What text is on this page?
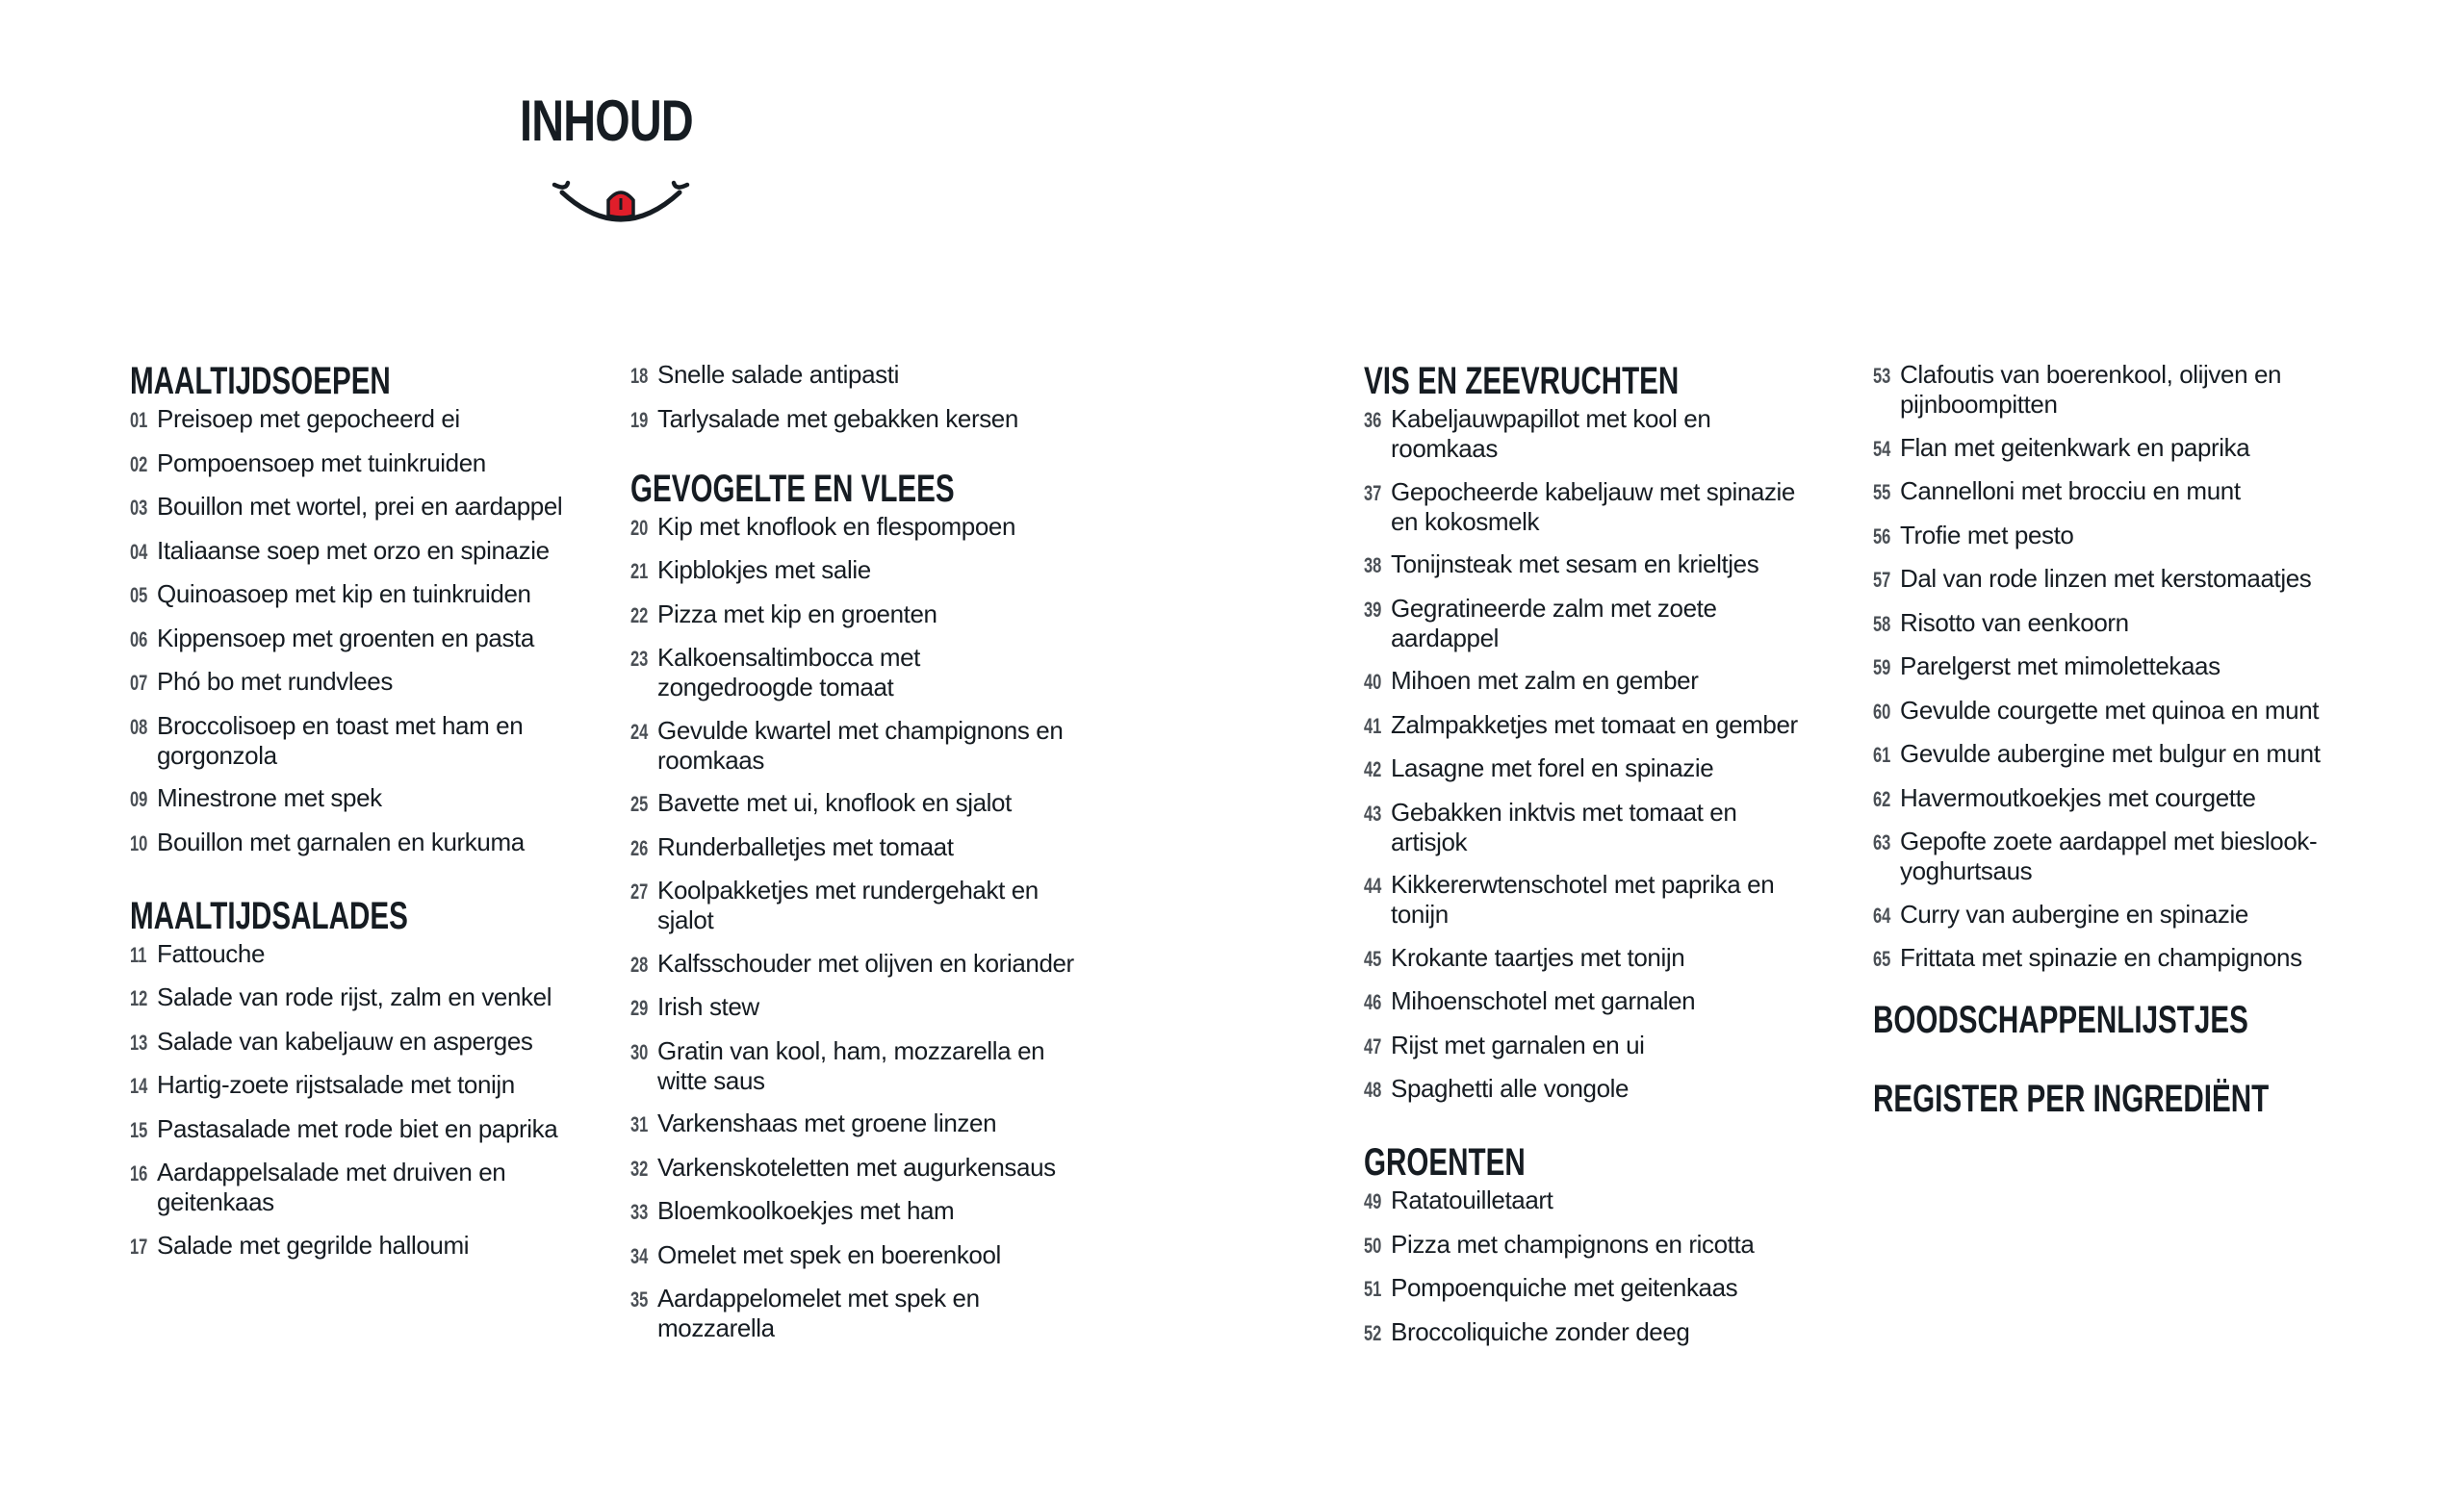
INHOUD
MAALTIJDSOEPEN
01 Preisoep met gepocheerd ei
02 Pompoensoep met tuinkruiden
03 Bouillon met wortel, prei en aardappel
04 Italiaanse soep met orzo en spinazie
05 Quinoasoep met kip en tuinkruiden
06 Kippensoep met groenten en pasta
07 Phó bo met rundvlees
08 Broccolisoep en toast met ham en gorgonzola
09 Minestrone met spek
10 Bouillon met garnalen en kurkuma
MAALTIJDSALADES
11 Fattouche
12 Salade van rode rijst, zalm en venkel
13 Salade van kabeljauw en asperges
14 Hartig-zoete rijstsalade met tonijn
15 Pastasalade met rode biet en paprika
16 Aardappelsalade met druiven en geitenkaas
17 Salade met gegrilde halloumi
18 Snelle salade antipasti
19 Tarlysalade met gebakken kersen
GEVOGELTE EN VLEES
20 Kip met knoflook en flespompoen
21 Kipblokjes met salie
22 Pizza met kip en groenten
23 Kalkoensaltimbocca met zongedroogde tomaat
24 Gevulde kwartel met champignons en roomkaas
25 Bavette met ui, knoflook en sjalot
26 Runderballetjes met tomaat
27 Koolpakketjes met rundergehakt en sjalot
28 Kalfsschouder met olijven en koriander
29 Irish stew
30 Gratin van kool, ham, mozzarella en witte saus
31 Varkenshaas met groene linzen
32 Varkenskoteletten met augurkensaus
33 Bloemkoolkoekjes met ham
34 Omelet met spek en boerenkool
35 Aardappelomelet met spek en mozzarella
VIS EN ZEEVRUCHTEN
36 Kabeljauwpapillot met kool en roomkaas
37 Gepocheerde kabeljauw met spinazie en kokosmelk
38 Tonijnsteak met sesam en krieltjes
39 Gegratineerde zalm met zoete aardappel
40 Mihoen met zalm en gember
41 Zalmpakketjes met tomaat en gember
42 Lasagne met forel en spinazie
43 Gebakken inktvis met tomaat en artisjok
44 Kikkererwtenschotel met paprika en tonijn
45 Krokante taartjes met tonijn
46 Mihoenschotel met garnalen
47 Rijst met garnalen en ui
48 Spaghetti alle vongole
GROENTEN
49 Ratatouilletaart
50 Pizza met champignons en ricotta
51 Pompoenquiche met geitenkaas
52 Broccoliquiche zonder deeg
53 Clafoutis van boerenkool, olijven en pijnboompitten
54 Flan met geitenkwark en paprika
55 Cannelloni met brocciu en munt
56 Trofie met pesto
57 Dal van rode linzen met kerstomaatjes
58 Risotto van eenkoorn
59 Parelgerst met mimolettekaas
60 Gevulde courgette met quinoa en munt
61 Gevulde aubergine met bulgur en munt
62 Havermoutkoekjes met courgette
63 Gepofte zoete aardappel met bieslook-yoghurtsaus
64 Curry van aubergine en spinazie
65 Frittata met spinazie en champignons
BOODSCHAPPENLIJSTJES
REGISTER PER INGREDIËNT
